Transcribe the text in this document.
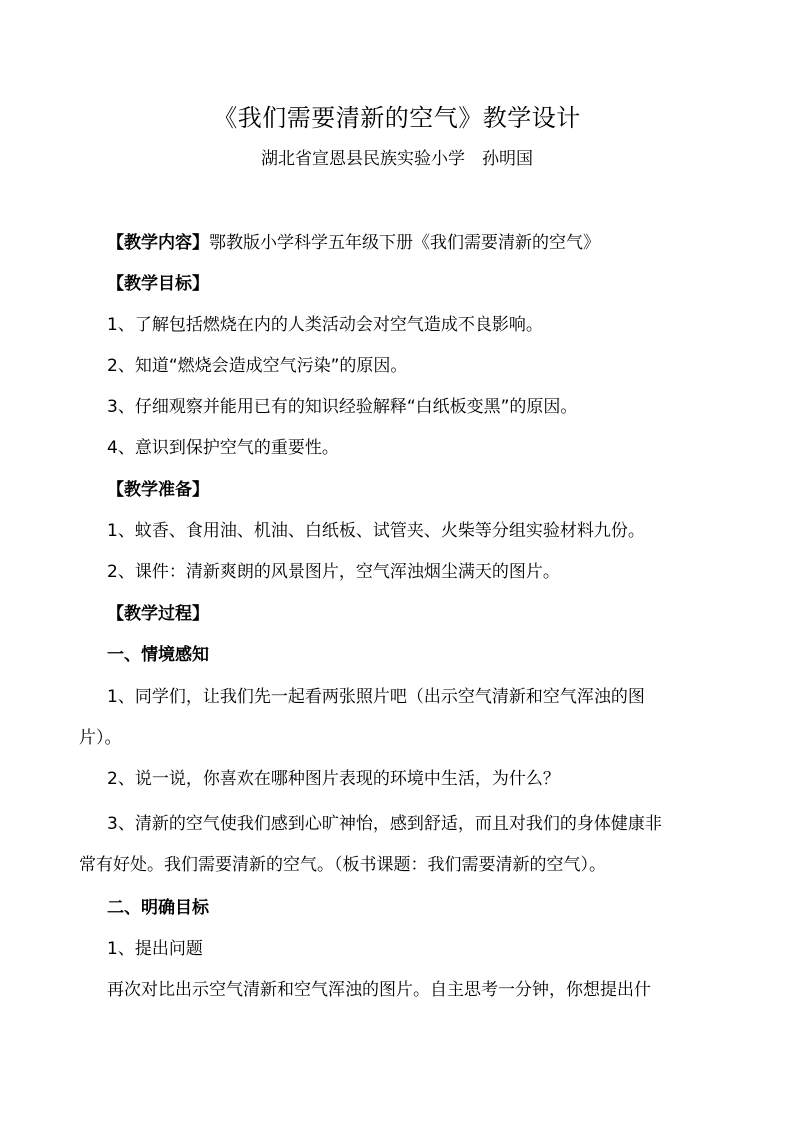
《我们需要清新的空气》教学设计
湖北省宣恩县民族实验小学　孙明国
【教学内容】鄂教版小学科学五年级下册《我们需要清新的空气》
【教学目标】
1、了解包括燃烧在内的人类活动会对空气造成不良影响。
2、知道“燃烧会造成空气污染”的原因。
3、仔细观察并能用已有的知识经验解释“白纸板变黑”的原因。
4、意识到保护空气的重要性。
【教学准备】
1、蚊香、食用油、机油、白纸板、试管夹、火柴等分组实验材料九份。
2、课件：清新爽朗的风景图片，空气浑浊烟尘满天的图片。
【教学过程】
一、情境感知
1、同学们，让我们先一起看两张照片吧（出示空气清新和空气浑浊的图
片）。
2、说一说，你喜欢在哪种图片表现的环境中生活，为什么？
3、清新的空气使我们感到心旷神怡，感到舒适，而且对我们的身体健康非
常有好处。我们需要清新的空气。（板书课题：我们需要清新的空气）。
二、明确目标
1、提出问题
再次对比出示空气清新和空气浑浊的图片。自主思考一分钟，你想提出什
